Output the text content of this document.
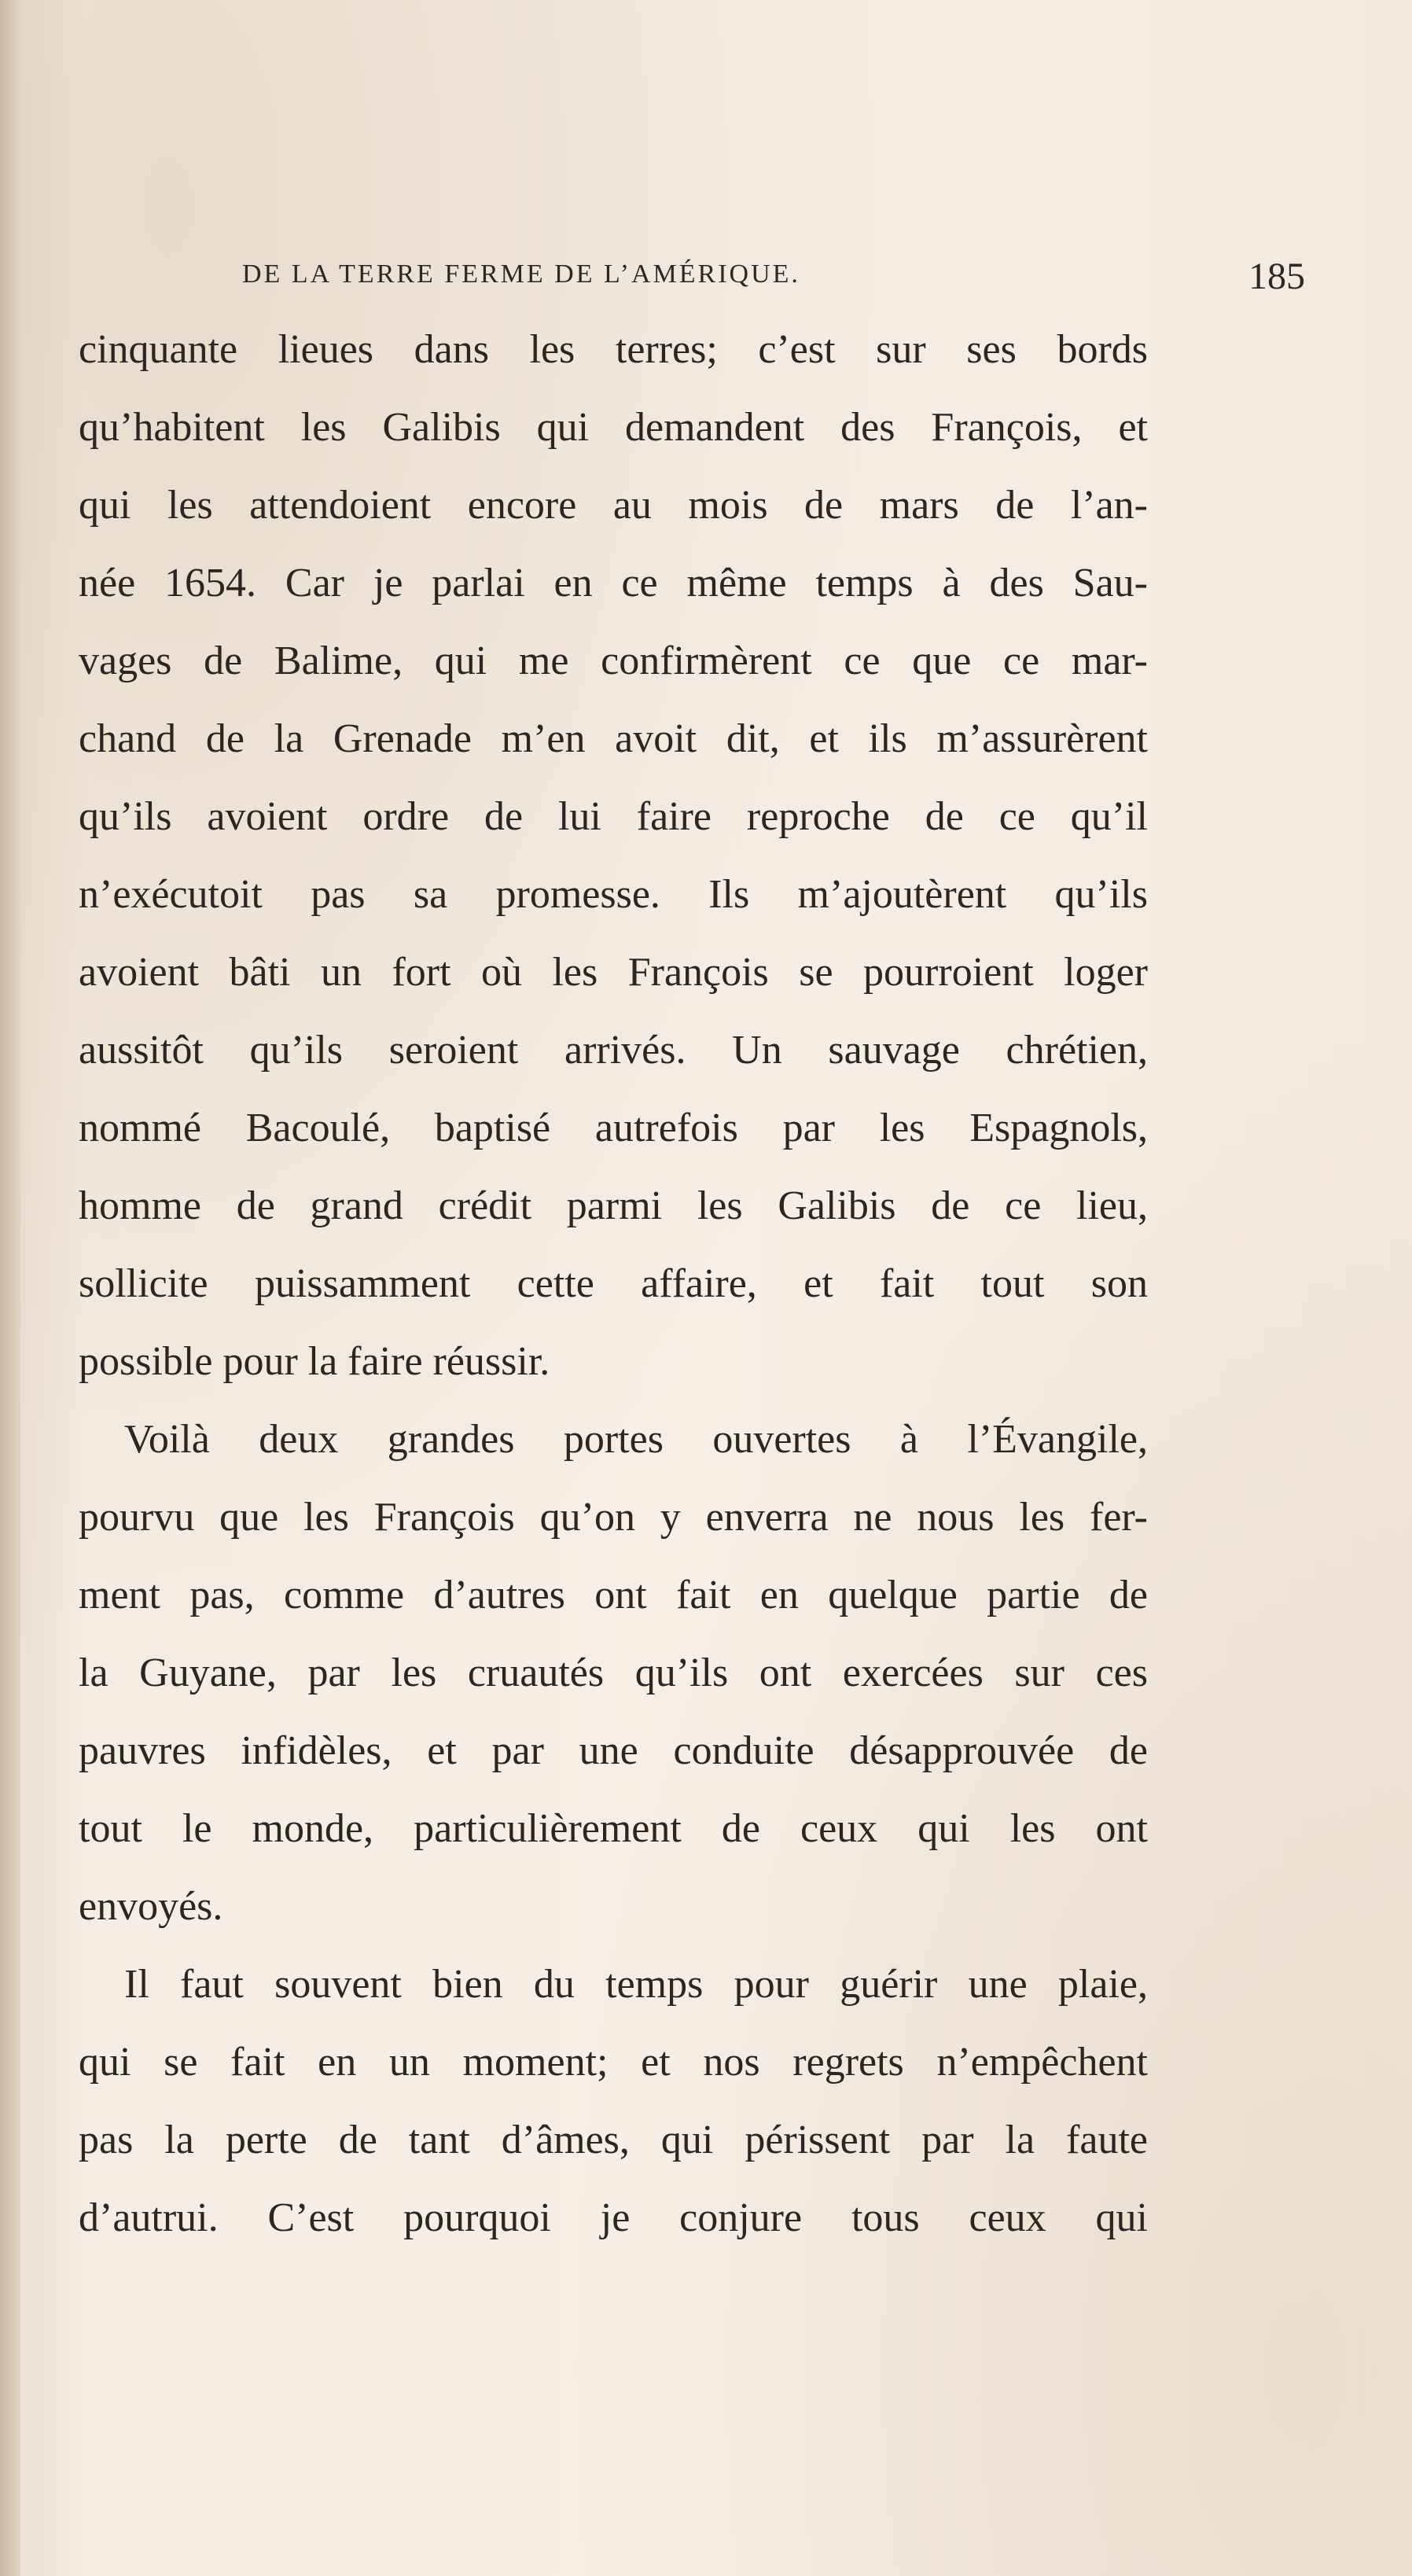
DE LA TERRE FERME DE L’AMÉRIQUE.	185
cinquante lieues dans les terres; c’est sur ses bords
qu’habitent les Galibis qui demandent des François, et
qui les attendoient encore au mois de mars de l’an-
née 1654. Car je parlai en ce même temps à des Sau-
vages de Balime, qui me confirmèrent ce que ce mar-
chand de la Grenade m’en avoit dit, et ils m’assurèrent
qu’ils avoient ordre de lui faire reproche de ce qu’il
n’exécutoit pas sa promesse. Ils m’ajoutèrent qu’ils
avoient bâti un fort où les François se pourroient loger
aussitôt qu’ils seroient arrivés. Un sauvage chrétien,
nommé Bacoulé, baptisé autrefois par les Espagnols,
homme de grand crédit parmi les Galibis de ce lieu,
sollicite puissamment cette affaire, et fait tout son
possible pour la faire réussir.
Voilà deux grandes portes ouvertes à l’Évangile,
pourvu que les François qu’on y enverra ne nous les fer-
ment pas, comme d’autres ont fait en quelque partie de
la Guyane, par les cruautés qu’ils ont exercées sur ces
pauvres infidèles, et par une conduite désapprouvée de
tout le monde, particulièrement de ceux qui les ont
envoyés.
Il faut souvent bien du temps pour guérir une plaie,
qui se fait en un moment; et nos regrets n’empêchent
pas la perte de tant d’âmes, qui périssent par la faute
d’autrui. C’est pourquoi je conjure tous ceux qui
